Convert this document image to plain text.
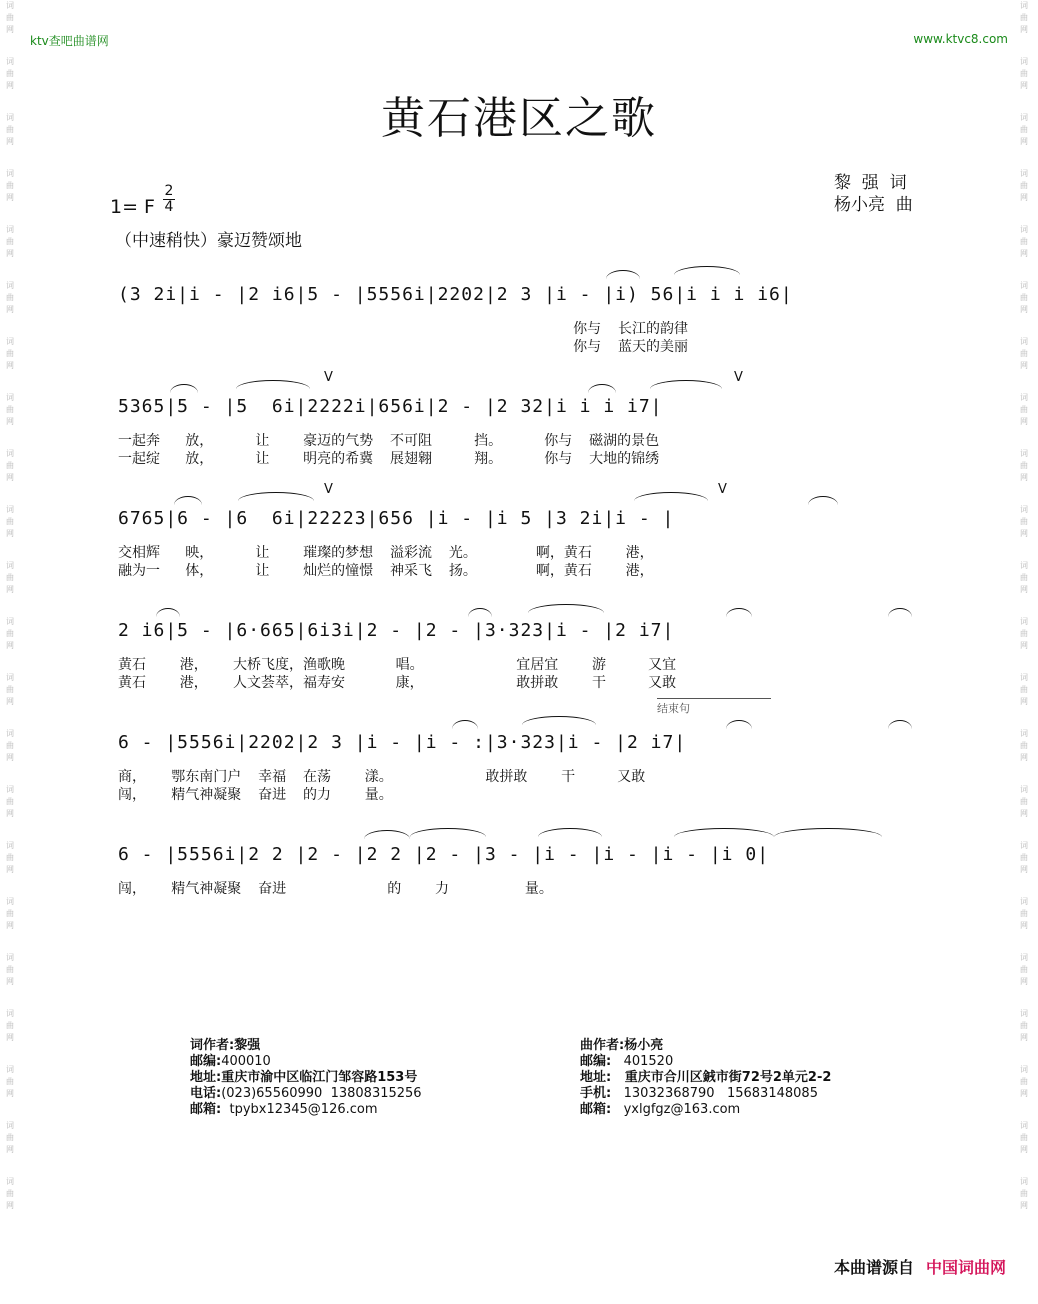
词
曲
网
词
曲
网
词
曲
网
词
曲
网
词
曲
网
词
曲
网
词
曲
网
词
曲
网
词
曲
网
词
曲
网
词
曲
网
词
曲
网
词
曲
网
词
曲
网
词
曲
网
词
曲
网
词
曲
网
词
曲
网
词
曲
网
词
曲
网
词
曲
网
词
曲
网
词
曲
网
词
曲
网
词
曲
网
词
曲
网
词
曲
网
词
曲
网
词
曲
网
词
曲
网
词
曲
网
词
曲
网
词
曲
网
词
曲
网
词
曲
网
词
曲
网
词
曲
网
词
曲
网
词
曲
网
词
曲
网
词
曲
网
词
曲
网
词
曲
网
词
曲
网
ktv查吧曲谱网	www.ktvc8.com
黄石港区之歌
黎  强  词
杨小亮  曲
1= F
2
4
（中速稍快）豪迈赞颂地
(3 2i|i - |2 i6|5 - |5556i|2202|2 3 |i - |i) 56|i i i i6|
你与  长江的韵律
你与  蓝天的美丽
5365|5 - |5  6i|2222i|656i|2 - |2 32|i i i i7|
V	V
一起奔   放，     让    豪迈的气势  不可阻     挡。     你与  磁湖的景色
一起绽   放，     让    明亮的希冀  展翅翱     翔。     你与  大地的锦绣
6765|6 - |6  6i|22223|656 |i - |i 5 |3 2i|i - |
V	V
交相辉   映，     让    璀璨的梦想  溢彩流  光。       啊，黄石    港，
融为一   体，     让    灿烂的憧憬  神采飞  扬。       啊，黄石    港，
2 i6|5 - |6·665|6i3i|2 - |2 - |3·323|i - |2 i7|
黄石    港，   大桥飞度，渔歌晚      唱。           宜居宜    游     又宜
黄石    港，   人文荟萃，福寿安      康，           敢拼敢    干     又敢
结束句
6 - |5556i|2202|2 3 |i - |i - :|3·323|i - |2 i7|
商，   鄂东南门户  幸福  在荡    漾。           敢拼敢    干     又敢
闯，   精气神凝聚  奋进  的力    量。
6 - |5556i|2 2 |2 - |2 2 |2 - |3 - |i - |i - |i - |i 0|
闯，   精气神凝聚  奋进            的    力         量。
词作者:黎强
邮编:400010
地址:重庆市渝中区临江门邹容路153号
电话:(023)65560990  13808315256
邮箱:  tpybx12345@126.com
曲作者:杨小亮
邮编:   401520
地址:   重庆市合川区銊市街72号2单元2-2
手机:   13032368790   15683148085
邮箱:   yxlgfgz@163.com
本曲谱源自 中国词曲网
